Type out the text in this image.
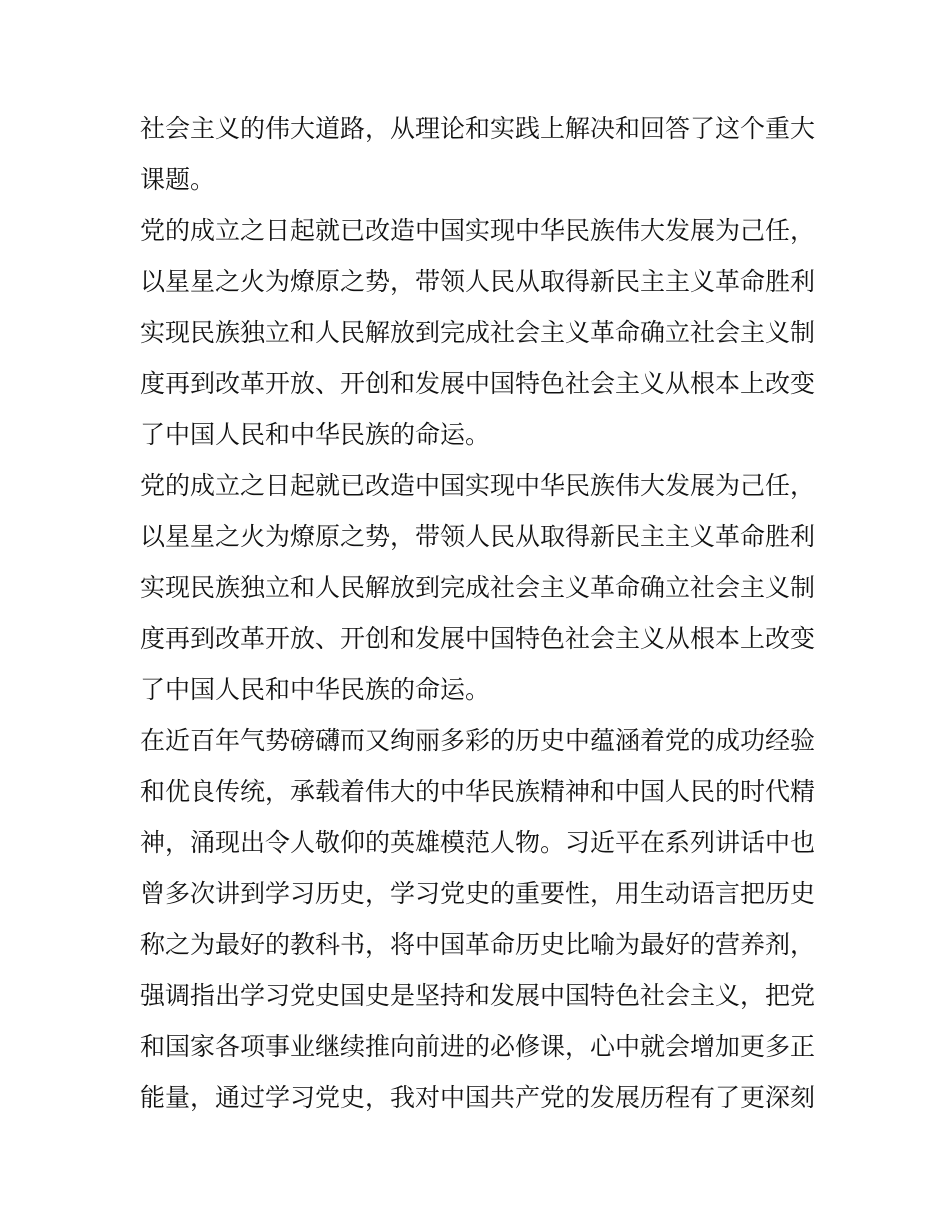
社会主义的伟大道路，从理论和实践上解决和回答了这个重大课题。

党的成立之日起就已改造中国实现中华民族伟大发展为己任，以星星之火为燎原之势，带领人民从取得新民主主义革命胜利实现民族独立和人民解放到完成社会主义革命确立社会主义制度再到改革开放、开创和发展中国特色社会主义从根本上改变了中国人民和中华民族的命运。

党的成立之日起就已改造中国实现中华民族伟大发展为己任，以星星之火为燎原之势，带领人民从取得新民主主义革命胜利实现民族独立和人民解放到完成社会主义革命确立社会主义制度再到改革开放、开创和发展中国特色社会主义从根本上改变了中国人民和中华民族的命运。

在近百年气势磅礴而又绚丽多彩的历史中蕴涵着党的成功经验和优良传统，承载着伟大的中华民族精神和中国人民的时代精神，涌现出令人敬仰的英雄模范人物。习近平在系列讲话中也曾多次讲到学习历史，学习党史的重要性，用生动语言把历史称之为最好的教科书，将中国革命历史比喻为最好的营养剂，强调指出学习党史国史是坚持和发展中国特色社会主义，把党和国家各项事业继续推向前进的必修课，心中就会增加更多正能量，通过学习党史，我对中国共产党的发展历程有了更深刻
